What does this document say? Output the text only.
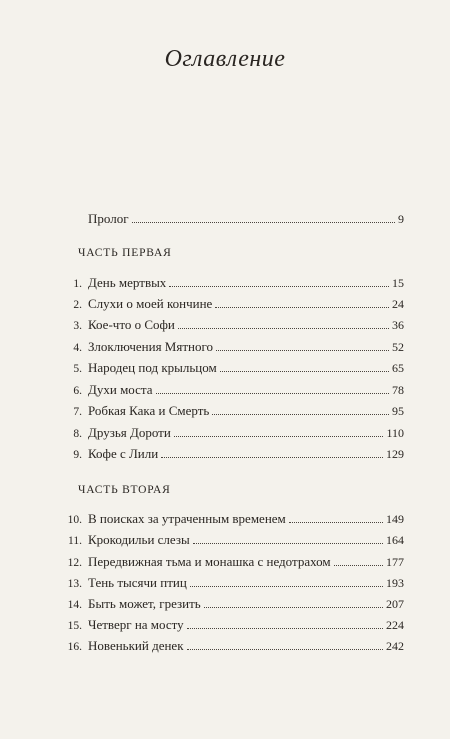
Оглавление
Пролог	9
ЧАСТЬ ПЕРВАЯ
1. День мертвых	15
2. Слухи о моей кончине	24
3. Кое-что о Софи	36
4. Злоключения Мятного	52
5. Народец под крыльцом	65
6. Духи моста	78
7. Робкая Кака и Смерть	95
8. Друзья Дороти	110
9. Кофе с Лили	129
ЧАСТЬ ВТОРАЯ
10. В поисках за утраченным временем	149
11. Крокодильи слезы	164
12. Передвижная тьма и монашка с недотрахом	177
13. Тень тысячи птиц	193
14. Быть может, грезить	207
15. Четверг на мосту	224
16. Новенький денек	242
